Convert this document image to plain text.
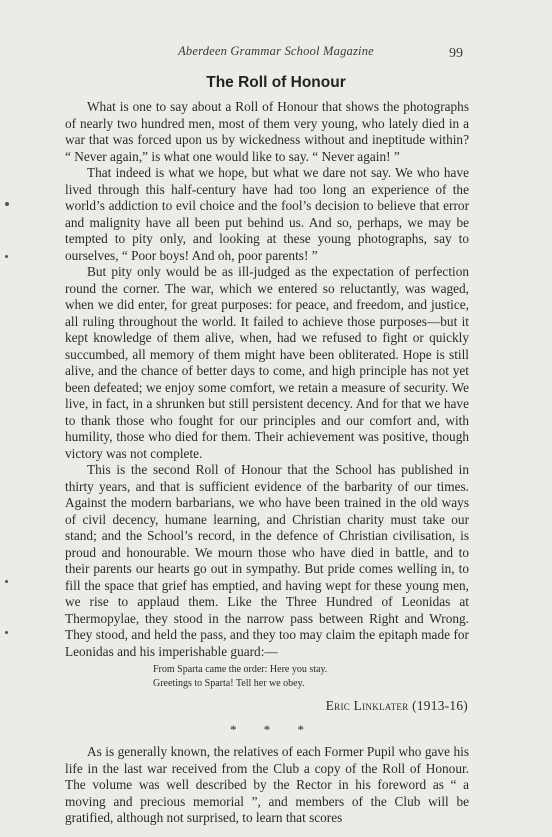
Aberdeen Grammar School Magazine	99
The Roll of Honour

What is one to say about a Roll of Honour that shows the photographs of nearly two hundred men, most of them very young, who lately died in a war that was forced upon us by wickedness without and ineptitude within? “ Never again,” is what one would like to say. “ Never again! ”

That indeed is what we hope, but what we dare not say. We who have lived through this half-century have had too long an experience of the world’s addiction to evil choice and the fool’s decision to believe that error and malignity have all been put behind us. And so, perhaps, we may be tempted to pity only, and looking at these young photographs, say to ourselves, “ Poor boys! And oh, poor parents! ”

But pity only would be as ill-judged as the expectation of perfection round the corner. The war, which we entered so reluctantly, was waged, when we did enter, for great purposes: for peace, and freedom, and justice, all ruling throughout the world. It failed to achieve those purposes—but it kept knowledge of them alive, when, had we refused to fight or quickly succumbed, all memory of them might have been obliterated. Hope is still alive, and the chance of better days to come, and high principle has not yet been defeated; we enjoy some comfort, we retain a measure of security. We live, in fact, in a shrunken but still persistent decency. And for that we have to thank those who fought for our principles and our comfort and, with humility, those who died for them. Their achievement was positive, though victory was not complete.

This is the second Roll of Honour that the School has published in thirty years, and that is sufficient evidence of the barbarity of our times. Against the modern barbarians, we who have been trained in the old ways of civil decency, humane learning, and Christian charity must take our stand; and the School’s record, in the defence of Christian civilisation, is proud and honourable. We mourn those who have died in battle, and to their parents our hearts go out in sympathy. But pride comes welling in, to fill the space that grief has emptied, and having wept for these young men, we rise to applaud them. Like the Three Hundred of Leonidas at Thermopylae, they stood in the narrow pass between Right and Wrong. They stood, and held the pass, and they too may claim the epitaph made for Leonidas and his imperishable guard:—

From Sparta came the order: Here you stay.
Greetings to Sparta! Tell her we obey.
Eric Linklater (1913-16)
* * *

As is generally known, the relatives of each Former Pupil who gave his life in the last war received from the Club a copy of the Roll of Honour. The volume was well described by the Rector in his foreword as “ a moving and precious memorial ”, and members of the Club will be gratified, although not surprised, to learn that scores
